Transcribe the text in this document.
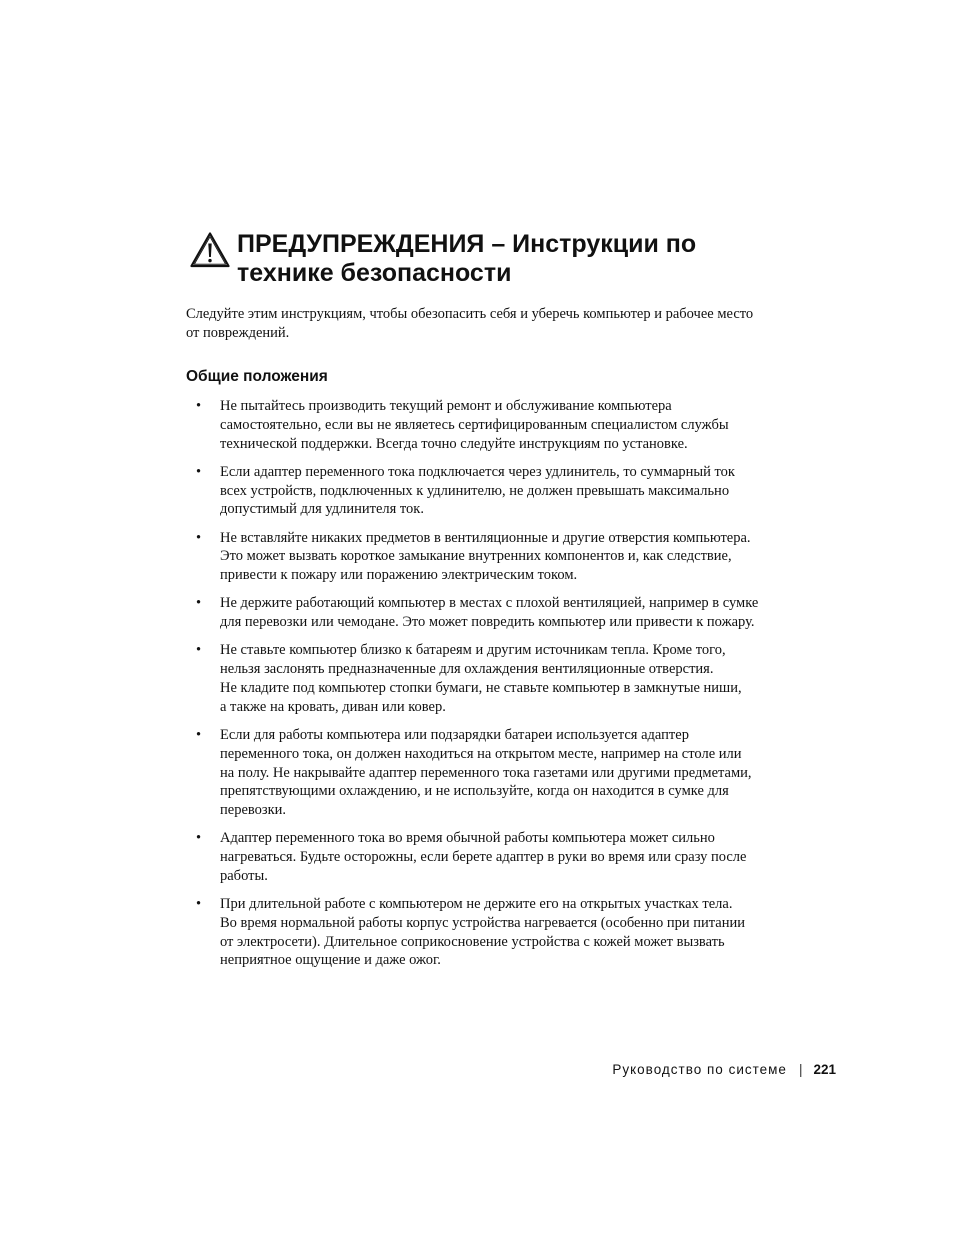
ПРЕДУПРЕЖДЕНИЯ – Инструкции по
технике безопасности

Следуйте этим инструкциям, чтобы обезопасить себя и уберечь компьютер и рабочее место
от повреждений.

Общие положения
• Не пытайтесь производить текущий ремонт и обслуживание компьютера
самостоятельно, если вы не являетесь сертифицированным специалистом службы
технической поддержки. Всегда точно следуйте инструкциям по установке.
• Если адаптер переменного тока подключается через удлинитель, то суммарный ток
всех устройств, подключенных к удлинителю, не должен превышать максимально
допустимый для удлинителя ток.
• Не вставляйте никаких предметов в вентиляционные и другие отверстия компьютера.
Это может вызвать короткое замыкание внутренних компонентов и, как следствие,
привести к пожару или поражению электрическим током.
• Не держите работающий компьютер в местах с плохой вентиляцией, например в сумке
для перевозки или чемодане. Это может повредить компьютер или привести к пожару.
• Не ставьте компьютер близко к батареям и другим источникам тепла. Кроме того,
нельзя заслонять предназначенные для охлаждения вентиляционные отверстия.
Не кладите под компьютер стопки бумаги, не ставьте компьютер в замкнутые ниши,
а также на кровать, диван или ковер.
• Если для работы компьютера или подзарядки батареи используется адаптер
переменного тока, он должен находиться на открытом месте, например на столе или
на полу. Не накрывайте адаптер переменного тока газетами или другими предметами,
препятствующими охлаждению, и не используйте, когда он находится в сумке для
перевозки.
• Адаптер переменного тока во время обычной работы компьютера может сильно
нагреваться. Будьте осторожны, если берете адаптер в руки во время или сразу после
работы.
• При длительной работе с компьютером не держите его на открытых участках тела.
Во время нормальной работы корпус устройства нагревается (особенно при питании
от электросети). Длительное соприкосновение устройства с кожей может вызвать
неприятное ощущение и даже ожог.
Руководство по системе | 221
